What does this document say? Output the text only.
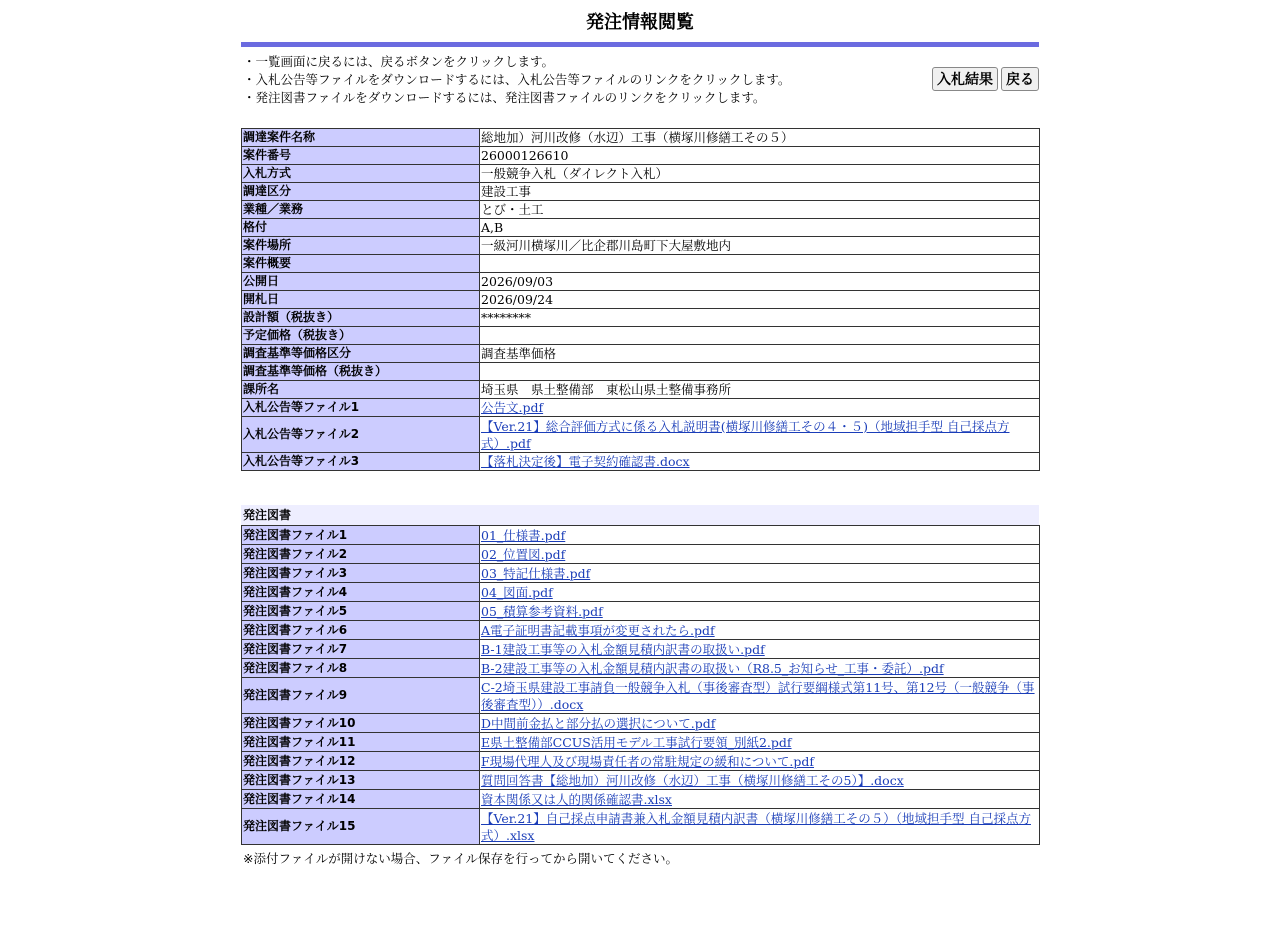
発注情報閲覧
・一覧画面に戻るには、戻るボタンをクリックします。
・入札公告等ファイルをダウンロードするには、入札公告等ファイルのリンクをクリックします。
・発注図書ファイルをダウンロードするには、発注図書ファイルのリンクをクリックします。
入札結果 戻る
調達案件名称	総地加）河川改修（水辺）工事（横塚川修繕工その５）
案件番号	26000126610
入札方式	一般競争入札（ダイレクト入札）
調達区分	建設工事
業種／業務	とび・土工
格付	A,B
案件場所	一級河川横塚川／比企郡川島町下大屋敷地内
案件概要	
公開日	2026/09/03
開札日	2026/09/24
設計額（税抜き）	********
予定価格（税抜き）	
調査基準等価格区分	調査基準価格
調査基準等価格（税抜き）	
課所名	埼玉県　県土整備部　東松山県土整備事務所
入札公告等ファイル1	公告文.pdf
入札公告等ファイル2	【Ver.21】総合評価方式に係る入札説明書(横塚川修繕工その４・５)（地域担手型 自己採点方式）.pdf
入札公告等ファイル3	【落札決定後】電子契約確認書.docx
発注図書
発注図書ファイル1	01_仕様書.pdf
発注図書ファイル2	02_位置図.pdf
発注図書ファイル3	03_特記仕様書.pdf
発注図書ファイル4	04_図面.pdf
発注図書ファイル5	05_積算参考資料.pdf
発注図書ファイル6	A電子証明書記載事項が変更されたら.pdf
発注図書ファイル7	B-1建設工事等の入札金額見積内訳書の取扱い.pdf
発注図書ファイル8	B-2建設工事等の入札金額見積内訳書の取扱い（R8.5_お知らせ_工事・委託）.pdf
発注図書ファイル9	C-2埼玉県建設工事請負一般競争入札（事後審査型）試行要綱様式第11号、第12号（一般競争（事後審査型））.docx
発注図書ファイル10	D中間前金払と部分払の選択について.pdf
発注図書ファイル11	E県土整備部CCUS活用モデル工事試行要領_別紙2.pdf
発注図書ファイル12	F現場代理人及び現場責任者の常駐規定の緩和について.pdf
発注図書ファイル13	質問回答書【総地加）河川改修（水辺）工事（横塚川修繕工その5）】.docx
発注図書ファイル14	資本関係又は人的関係確認書.xlsx
発注図書ファイル15	【Ver.21】自己採点申請書兼入札金額見積内訳書（横塚川修繕工その５）（地域担手型 自己採点方式）.xlsx
※添付ファイルが開けない場合、ファイル保存を行ってから開いてください。
